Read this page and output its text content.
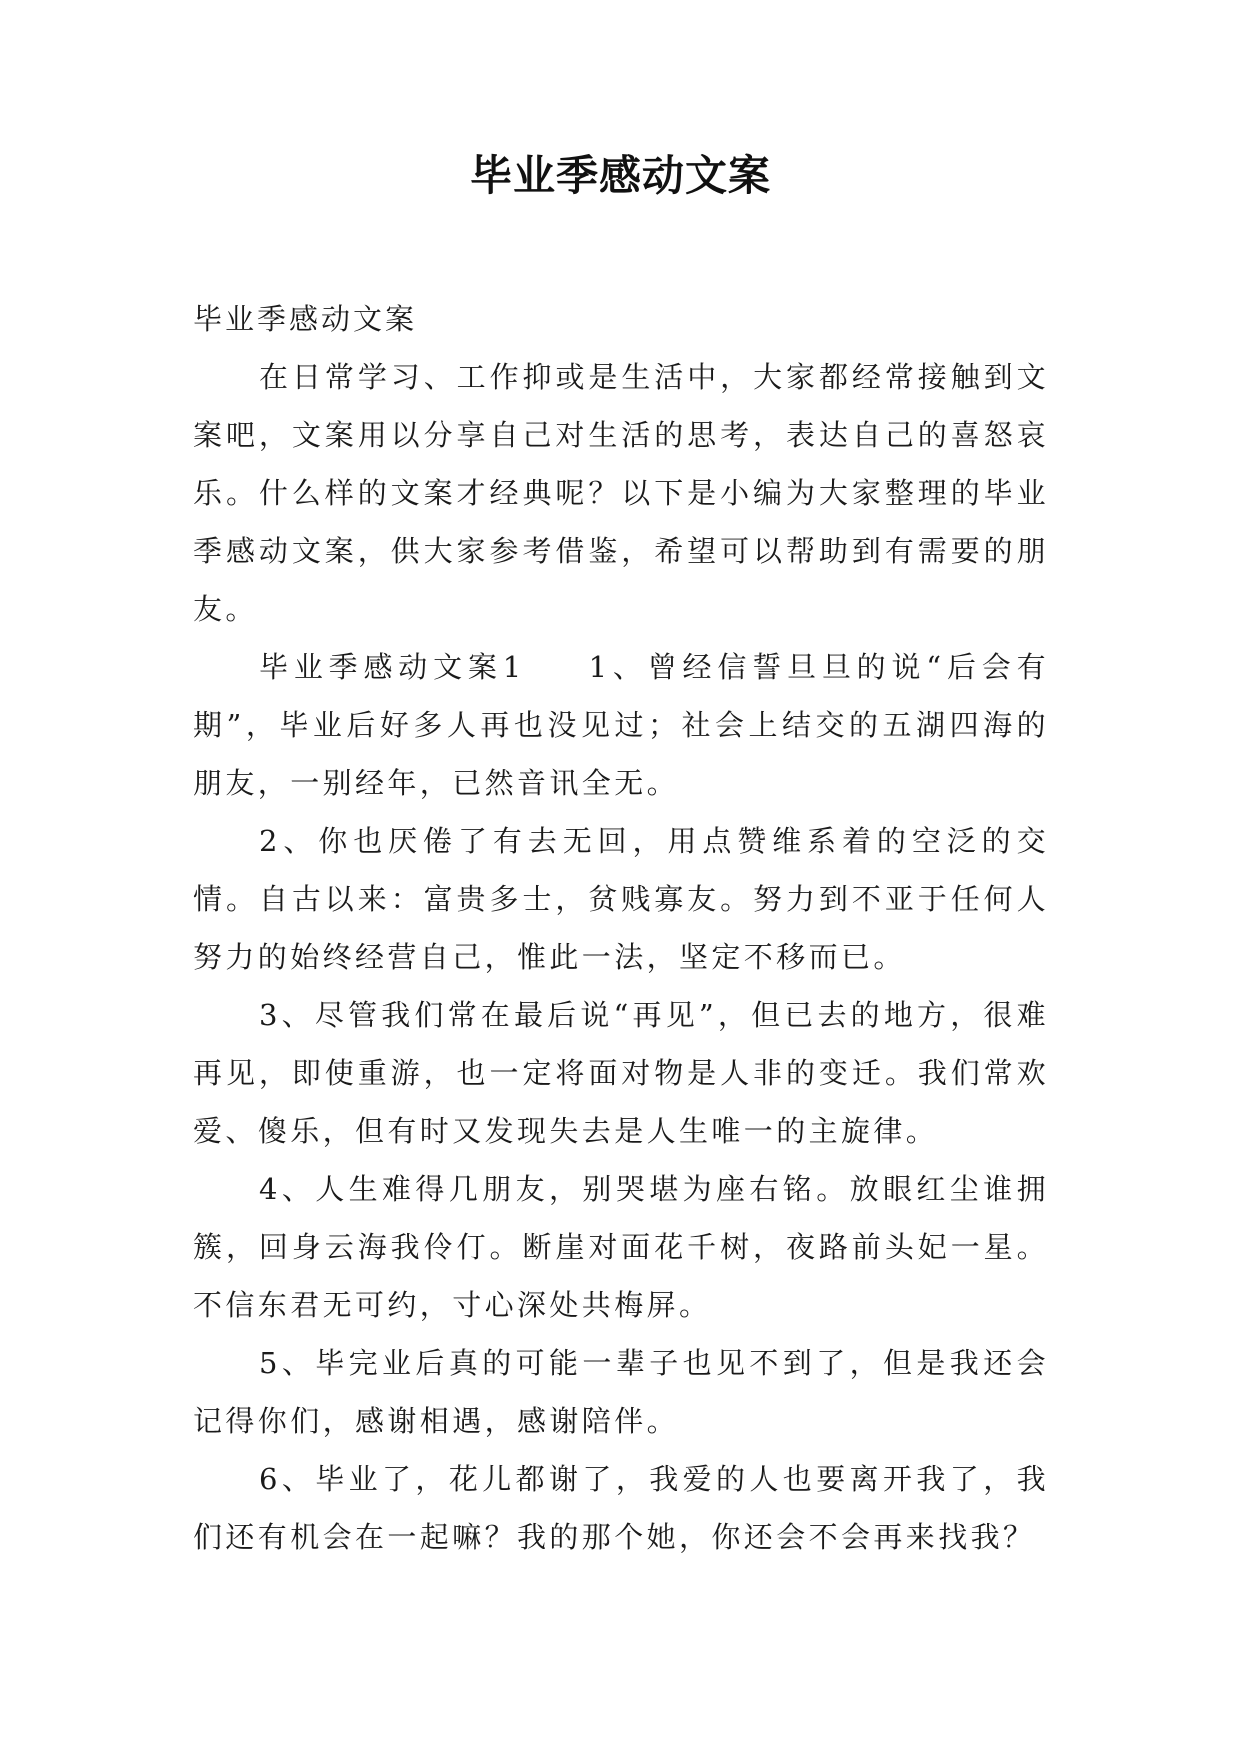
毕业季感动文案

毕业季感动文案

在日常学习、工作抑或是生活中，大家都经常接触到文案吧，文案用以分享自己对生活的思考，表达自己的喜怒哀乐。什么样的文案才经典呢？以下是小编为大家整理的毕业季感动文案，供大家参考借鉴，希望可以帮助到有需要的朋友。

毕业季感动文案1 1、曾经信誓旦旦的说“后会有期”，毕业后好多人再也没见过；社会上结交的五湖四海的朋友，一别经年，已然音讯全无。

2、你也厌倦了有去无回，用点赞维系着的空泛的交情。自古以来：富贵多士，贫贱寡友。努力到不亚于任何人努力的始终经营自己，惟此一法，坚定不移而已。

3、尽管我们常在最后说“再见”，但已去的地方，很难再见，即使重游，也一定将面对物是人非的变迁。我们常欢爱、傻乐，但有时又发现失去是人生唯一的主旋律。

4、人生难得几朋友，别哭堪为座右铭。放眼红尘谁拥簇，回身云海我伶仃。断崖对面花千树，夜路前头妃一星。不信东君无可约，寸心深处共梅屏。

5、毕完业后真的可能一辈子也见不到了，但是我还会记得你们，感谢相遇，感谢陪伴。

6、毕业了，花儿都谢了，我爱的人也要离开我了，我们还有机会在一起嘛？我的那个她，你还会不会再来找我？
